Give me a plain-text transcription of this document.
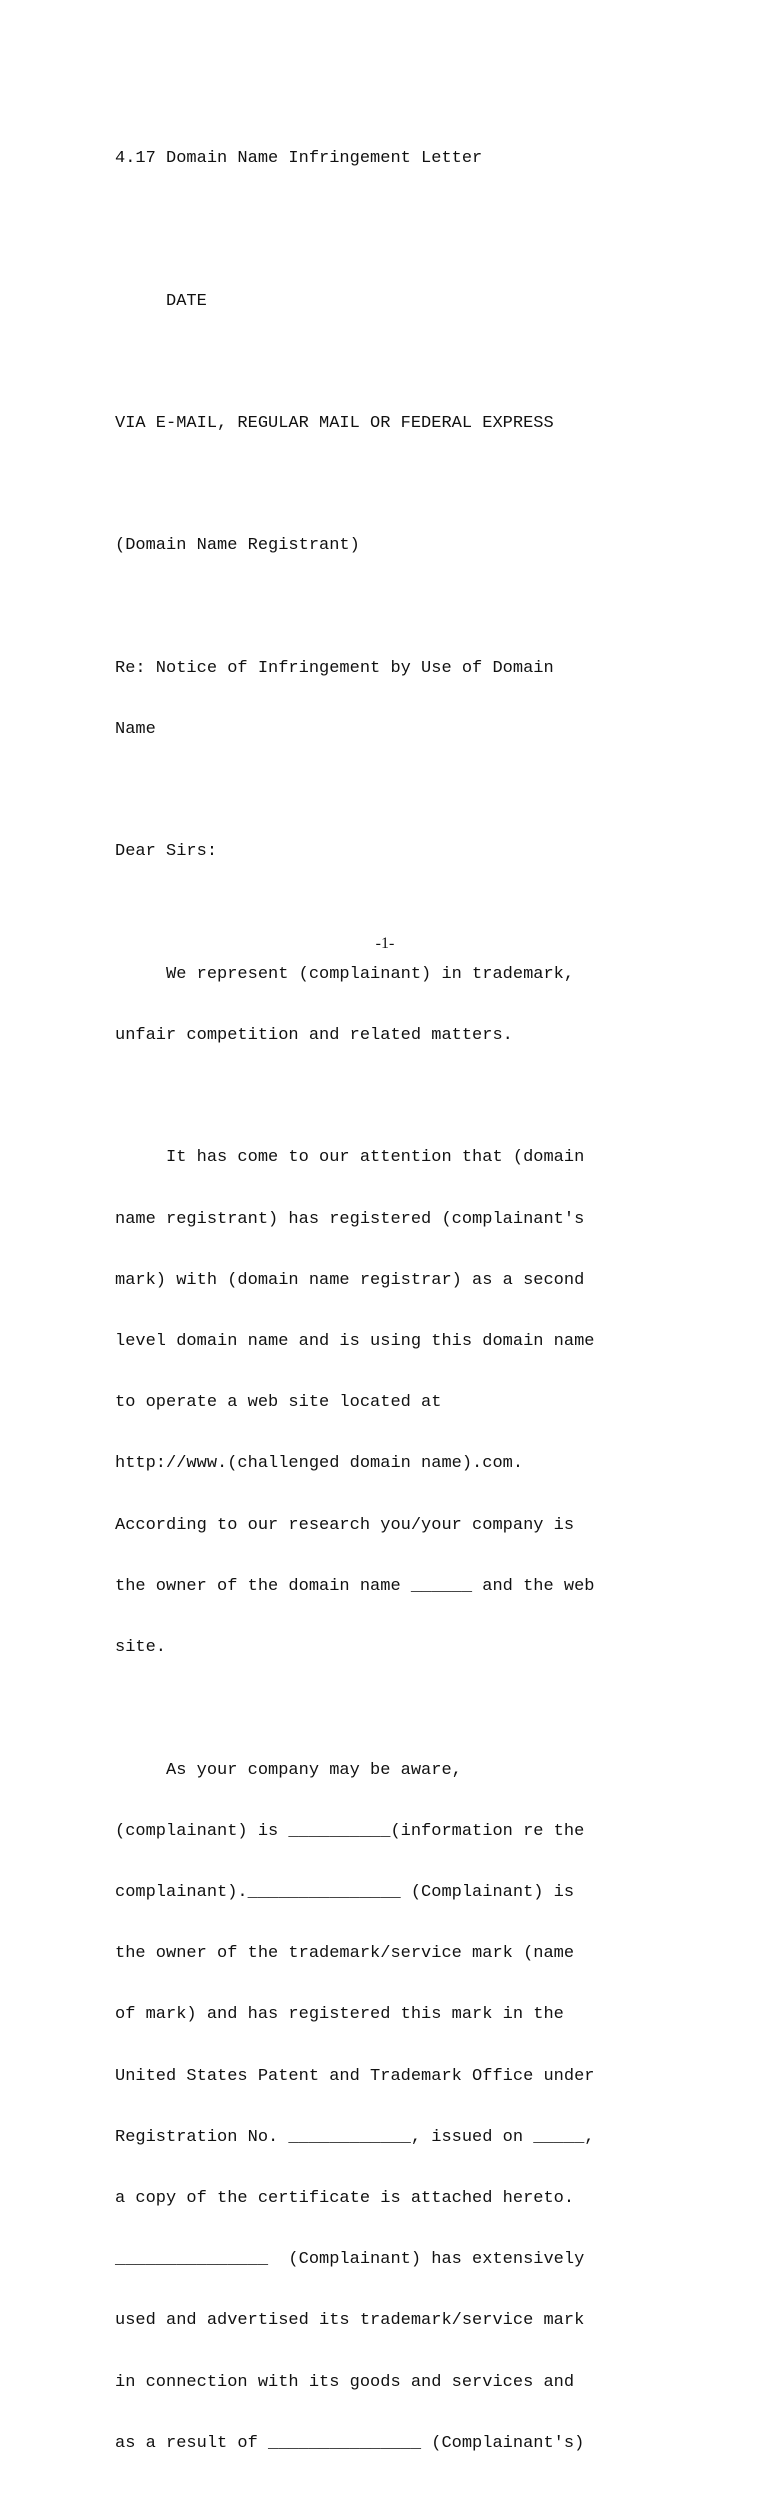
4.17 Domain Name Infringement Letter

DATE

VIA E-MAIL, REGULAR MAIL OR FEDERAL EXPRESS

(Domain Name Registrant)

Re: Notice of Infringement by Use of Domain

Name

Dear Sirs:

We represent (complainant) in trademark,

unfair competition and related matters.

It has come to our attention that (domain

name registrant) has registered (complainant's

mark) with (domain name registrar) as a second

level domain name and is using this domain name

to operate a web site located at

http://www.(challenged domain name).com.

According to our research you/your company is

the owner of the domain name ______ and the web

site.

As your company may be aware,

(complainant) is __________(information re the

complainant)._______________ (Complainant) is

the owner of the trademark/service mark (name

of mark) and has registered this mark in the

United States Patent and Trademark Office under

Registration No. ____________, issued on _____,

a copy of the certificate is attached hereto.

_______________  (Complainant) has extensively

used and advertised its trademark/service mark

in connection with its goods and services and

as a result of _______________ (Complainant's)

-1-
